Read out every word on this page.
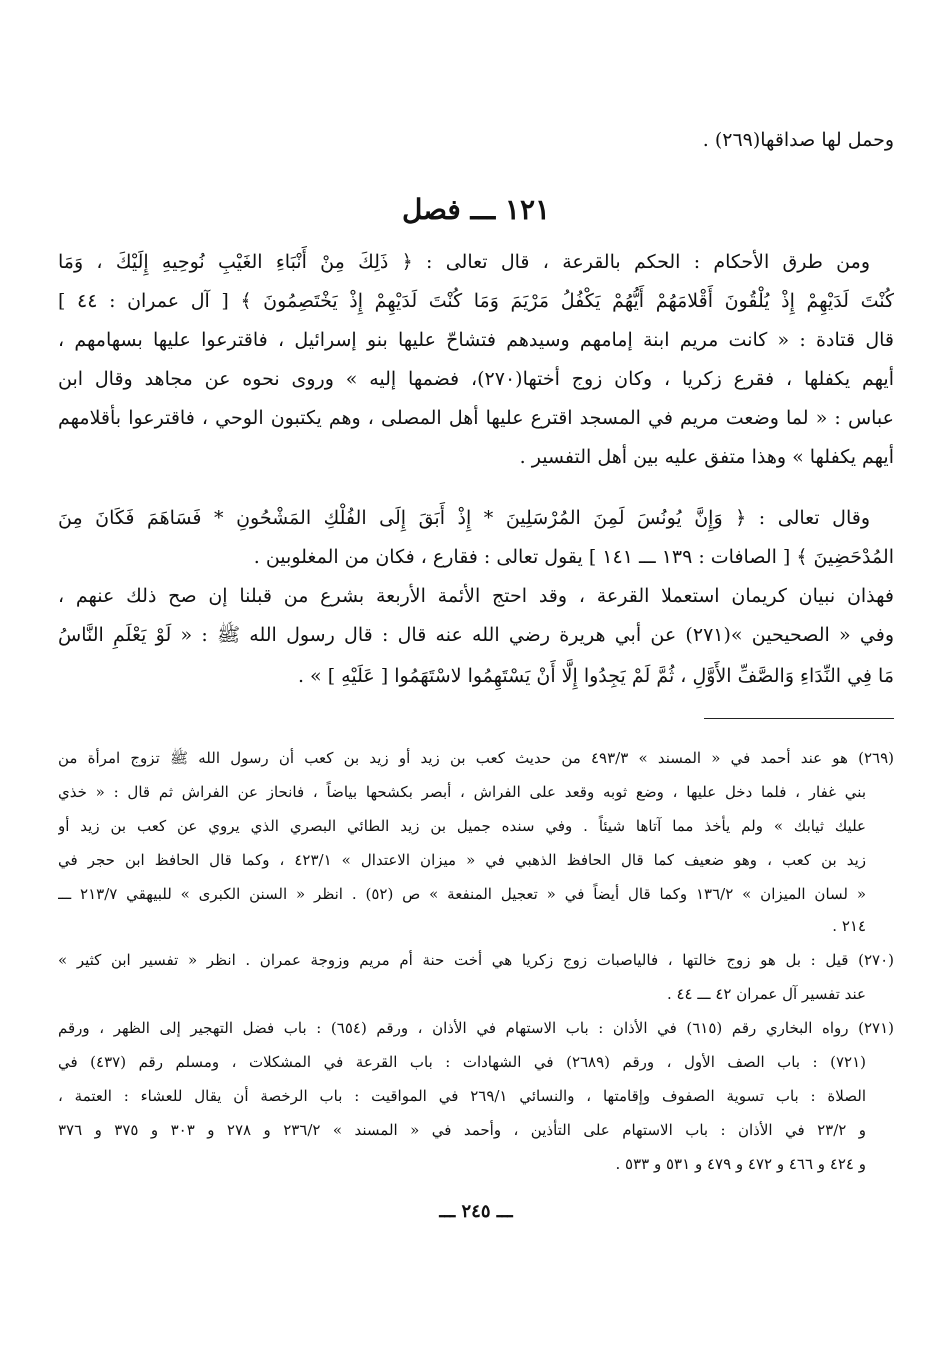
وحمل لها صداقها(٢٦٩) .
١٢١ ـــ فصل
ومن طرق الأحكام : الحكم بالقرعة ، قال تعالى : ﴿ ذَلِكَ مِنْ أَنْبَاءِ الغَيْبِ نُوحِيهِ إِلَيْكَ ، وَمَا
كُنْتَ لَدَيْهِمْ إِذْ يُلْقُونَ أَقْلامَهُمْ أَيُّهُمْ يَكْفُلُ مَرْيَمَ وَمَا كُنْتَ لَدَيْهِمْ إِذْ يَخْتَصِمُونَ ﴾ [ آل عمران : ٤٤ ]
قال قتادة : « كانت مريم ابنة إمامهم وسيدهم فتشاحّ عليها بنو إسرائيل ، فاقترعوا عليها بسهامهم ،
أيهم يكفلها ، فقرع زكريا ، وكان زوج أختها(٢٧٠)، فضمها إليه » وروى نحوه عن مجاهد وقال ابن
عباس : « لما وضعت مريم في المسجد اقترع عليها أهل المصلى ، وهم يكتبون الوحي ، فاقترعوا بأقلامهم
أيهم يكفلها » وهذا متفق عليه بين أهل التفسير .
وقال تعالى : ﴿ وَإِنَّ يُونُسَ لَمِنَ المُرْسَلِينَ * إِذْ أَبَقَ إِلَى الفُلْكِ المَشْحُونِ * فَسَاهَمَ فَكَانَ مِنَ
المُدْحَضِينَ ﴾ [ الصافات : ١٣٩ ـــ ١٤١ ] يقول تعالى : فقارع ، فكان من المغلوبين .
فهذان نبيان كريمان استعملا القرعة ، وقد احتج الأئمة الأربعة بشرع من قبلنا إن صح ذلك عنهم ،
وفي « الصحيحين »(٢٧١) عن أبي هريرة رضي الله عنه قال : قال رسول الله ﷺ : « لَوْ يَعْلَمِ النَّاسُ
مَا فِي النِّدَاءِ وَالصَّفِّ الأَوَّلِ ، ثُمَّ لَمْ يَجِدُوا إِلَّا أَنْ يَسْتَهِمُوا لاسْتَهَمُوا [ عَلَيْهِ ] » .
(٢٦٩) هو عند أحمد في « المسند » ٤٩٣/٣ من حديث كعب بن زيد أو زيد بن كعب أن رسول الله ﷺ تزوج امرأة من
بني غفار ، فلما دخل عليها ، وضع ثوبه وقعد على الفراش ، أبصر بكشحها بياضاً ، فانحاز عن الفراش ثم قال : « خذي
عليك ثيابك » ولم يأخذ مما آتاها شيئاً . وفي سنده جميل بن زيد الطائي البصري الذي يروي عن كعب بن زيد أو
زيد بن كعب ، وهو ضعيف كما قال الحافظ الذهبي في « ميزان الاعتدال » ٤٢٣/١ ، وكما قال الحافظ ابن حجر في
« لسان الميزان » ١٣٦/٢ وكما قال أيضاً في « تعجيل المنفعة » ص (٥٢) . انظر « السنن الكبرى » للبيهقي ٢١٣/٧ ـــ
٢١٤ .
(٢٧٠) قيل : بل هو زوج خالتها ، فالياصبات زوج زكريا هي أخت حنة أم مريم وزوجة عمران . انظر « تفسير ابن كثير »
عند تفسير آل عمران ٤٢ ـــ ٤٤ .
(٢٧١) رواه البخاري رقم (٦١٥) في الأذان : باب الاستهام في الأذان ، ورقم (٦٥٤) : باب فضل التهجير إلى الظهر ، ورقم
(٧٢١) : باب الصف الأول ، ورقم (٢٦٨٩) في الشهادات : باب القرعة في المشكلات ، ومسلم رقم (٤٣٧) في
الصلاة : باب تسوية الصفوف وإقامتها ، والنسائي ٢٦٩/١ في المواقيت : باب الرخصة أن يقال للعشاء : العتمة ،
و ٢٣/٢ في الأذان : باب الاستهام على التأذين ، وأحمد في « المسند » ٢٣٦/٢ و ٢٧٨ و ٣٠٣ و ٣٧٥ و ٣٧٦
و ٤٢٤ و ٤٦٦ و ٤٧٢ و ٤٧٩ و ٥٣١ و ٥٣٣ .
ـــ ٢٤٥ ـــ
